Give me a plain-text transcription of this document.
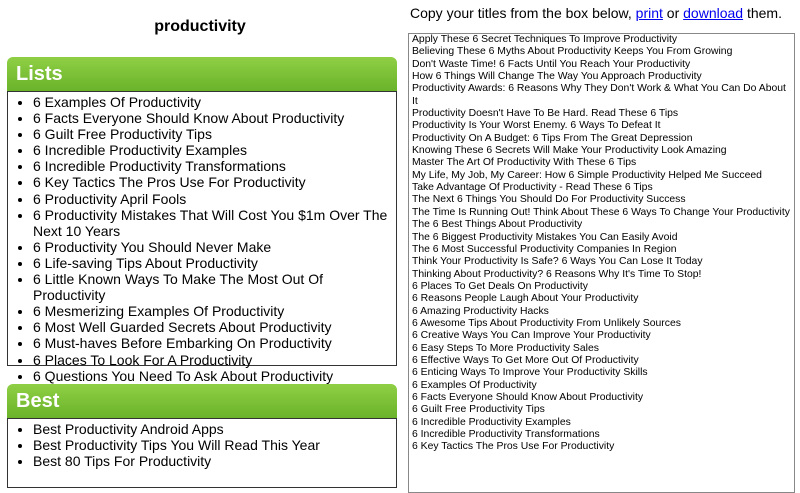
productivity
Lists
• 6 Examples Of Productivity
• 6 Facts Everyone Should Know About Productivity
• 6 Guilt Free Productivity Tips
• 6 Incredible Productivity Examples
• 6 Incredible Productivity Transformations
• 6 Key Tactics The Pros Use For Productivity
• 6 Productivity April Fools
• 6 Productivity Mistakes That Will Cost You $1m Over The Next 10 Years
• 6 Productivity You Should Never Make
• 6 Life-saving Tips About Productivity
• 6 Little Known Ways To Make The Most Out Of Productivity
• 6 Mesmerizing Examples Of Productivity
• 6 Most Well Guarded Secrets About Productivity
• 6 Must-haves Before Embarking On Productivity
• 6 Places To Look For A Productivity
• 6 Questions You Need To Ask About Productivity
Best
• Best Productivity Android Apps
• Best Productivity Tips You Will Read This Year
• Best 80 Tips For Productivity
Copy your titles from the box below, print or download them.
Apply These 6 Secret Techniques To Improve Productivity
Believing These 6 Myths About Productivity Keeps You From Growing
Don't Waste Time! 6 Facts Until You Reach Your Productivity
How 6 Things Will Change The Way You Approach Productivity
Productivity Awards: 6 Reasons Why They Don't Work & What You Can Do About It
Productivity Doesn't Have To Be Hard. Read These 6 Tips
Productivity Is Your Worst Enemy. 6 Ways To Defeat It
Productivity On A Budget: 6 Tips From The Great Depression
Knowing These 6 Secrets Will Make Your Productivity Look Amazing
Master The Art Of Productivity With These 6 Tips
My Life, My Job, My Career: How 6 Simple Productivity Helped Me Succeed
Take Advantage Of Productivity - Read These 6 Tips
The Next 6 Things You Should Do For Productivity Success
The Time Is Running Out! Think About These 6 Ways To Change Your Productivity
The 6 Best Things About Productivity
The 6 Biggest Productivity Mistakes You Can Easily Avoid
The 6 Most Successful Productivity Companies In Region
Think Your Productivity Is Safe? 6 Ways You Can Lose It Today
Thinking About Productivity? 6 Reasons Why It's Time To Stop!
6 Places To Get Deals On Productivity
6 Reasons People Laugh About Your Productivity
6 Amazing Productivity Hacks
6 Awesome Tips About Productivity From Unlikely Sources
6 Creative Ways You Can Improve Your Productivity
6 Easy Steps To More Productivity Sales
6 Effective Ways To Get More Out Of Productivity
6 Enticing Ways To Improve Your Productivity Skills
6 Examples Of Productivity
6 Facts Everyone Should Know About Productivity
6 Guilt Free Productivity Tips
6 Incredible Productivity Examples
6 Incredible Productivity Transformations
6 Key Tactics The Pros Use For Productivity
